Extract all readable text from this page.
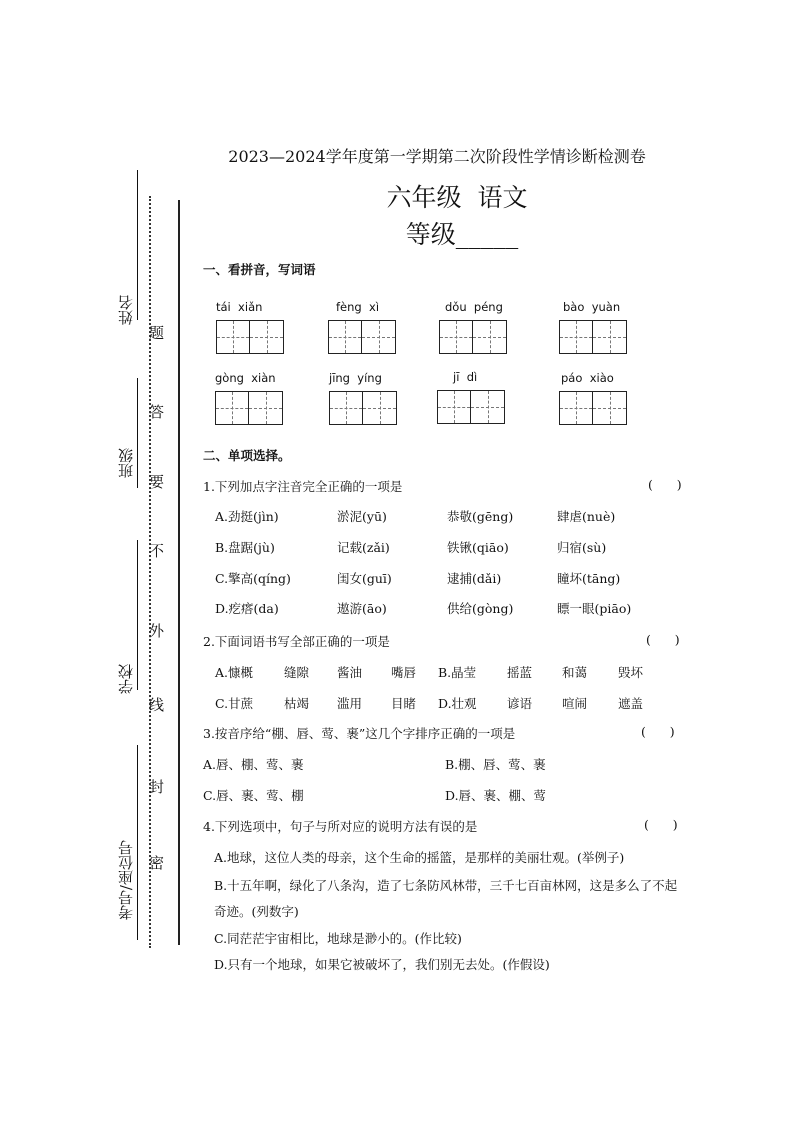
姓名
班级
学校
考号/座位号
题
答
要
不
外
线
封
密
2023—2024学年度第一学期第二次阶段性学情诊断检测卷
六年级  语文
等级_____
一、看拼音，写词语
tái  xiǎn	fèng  xì	dǒu  péng	bào  yuàn
gòng  xiàn	jīng  yíng	jī  dì	páo  xiào
二、单项选择。
1.下列加点字注音完全正确的一项是	(      )
A.劲挺(jìn)	淤泥(yū)	恭敬(gēng)	肆虐(nuè)
B.盘踞(jù)	记载(zǎi)	铁锹(qiāo)	归宿(sù)
C.擎高(qíng)	闺女(guī)	逮捕(dǎi)	瞳坏(tāng)
D.疙瘩(da)	遨游(āo)	供给(gòng)	瞟一眼(piāo)
2.下面词语书写全部正确的一项是	(      )
A.慷概 缝隙 酱油 嘴唇 B.晶莹 摇蓝 和蔼 毁坏
C.甘蔗 枯竭 滥用 目睹 D.壮观 谚语 喧闹 遮盖
3.按音序给“棚、唇、莺、裹”这几个字排序正确的一项是	(      )
A.唇、棚、莺、裹	B.棚、唇、莺、裹
C.唇、裹、莺、棚	D.唇、裹、棚、莺
4.下列选项中，句子与所对应的说明方法有误的是	(      )
A.地球，这位人类的母亲，这个生命的摇篮，是那样的美丽壮观。(举例子)
B.十五年啊，绿化了八条沟，造了七条防风林带，三千七百亩林网，这是多么了不起
奇迹。(列数字)
C.同茫茫宇宙相比，地球是渺小的。(作比较)
D.只有一个地球，如果它被破坏了，我们别无去处。(作假设)
